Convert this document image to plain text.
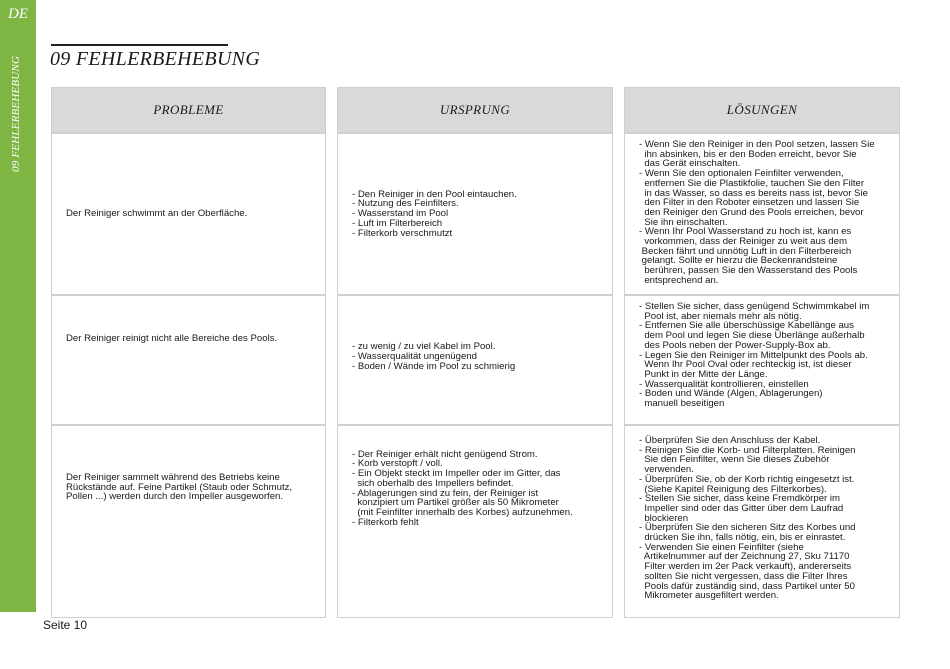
DE
09 FEHLERBEHEBUNG 09 FEHLERBEHEBUNG
PROBLEME	URSPRUNG	LÖSUNGEN
Der Reiniger schwimmt an der Oberfläche.
- Den Reiniger in den Pool eintauchen.
- Nutzung des Feinfilters.
- Wasserstand im Pool
- Luft im Filterbereich
- Filterkorb verschmutzt
- Wenn Sie den Reiniger in den Pool setzen, lassen Sie
ihn absinken, bis er den Boden erreicht, bevor Sie
das Gerät einschalten.
- Wenn Sie den optionalen Feinfilter verwenden,
entfernen Sie die Plastikfolie, tauchen Sie den Filter
in das Wasser, so dass es bereits nass ist, bevor Sie
den Filter in den Roboter einsetzen und lassen Sie
den Reiniger den Grund des Pools erreichen, bevor
Sie ihn einschalten.
- Wenn Ihr Pool Wasserstand zu hoch ist, kann es
vorkommen, dass der Reiniger zu weit aus dem
Becken fährt und unnötig Luft in den Filterbereich
gelangt. Sollte er hierzu die Beckenrandsteine
berühren, passen Sie den Wasserstand des Pools
entsprechend an.
Der Reiniger reinigt nicht alle Bereiche des Pools.
- zu wenig / zu viel Kabel im Pool.
- Wasserqualität ungenügend
- Boden / Wände im Pool zu schmierig
- Stellen Sie sicher, dass genügend Schwimmkabel im
Pool ist, aber niemals mehr als nötig.
- Entfernen Sie alle überschüssige Kabellänge aus
dem Pool und legen Sie diese Überlänge außerhalb
des Pools neben der Power-Supply-Box ab.
- Legen Sie den Reiniger im Mittelpunkt des Pools ab.
Wenn Ihr Pool Oval oder rechteckig ist, ist dieser
Punkt in der Mitte der Länge.
- Wasserqualität kontrollieren, einstellen
- Boden und Wände (Algen, Ablagerungen)
manuell beseitigen
Der Reiniger sammelt während des Betriebs keine
Rückstände auf. Feine Partikel (Staub oder Schmutz,
Pollen ...) werden durch den Impeller ausgeworfen.
- Der Reiniger erhält nicht genügend Strom.
- Korb verstopft / voll.
- Ein Objekt steckt im Impeller oder im Gitter, das
sich oberhalb des Impellers befindet.
- Ablagerungen sind zu fein, der Reiniger ist
konzipiert um Partikel größer als 50 Mikrometer
(mit Feinfilter innerhalb des Korbes) aufzunehmen.
- Filterkorb fehlt
- Überprüfen Sie den Anschluss der Kabel.
- Reinigen Sie die Korb- und Filterplatten. Reinigen
Sie den Feinfilter, wenn Sie dieses Zubehör
verwenden.
- Überprüfen Sie, ob der Korb richtig eingesetzt ist.
(Siehe Kapitel Reinigung des Filterkorbes).
- Stellen Sie sicher, dass keine Fremdkörper im
Impeller sind oder das Gitter über dem Laufrad
blockieren
- Überprüfen Sie den sicheren Sitz des Korbes und
drücken Sie ihn, falls nötig, ein, bis er einrastet.
- Verwenden Sie einen Feinfilter (siehe
Artikelnummer auf der Zeichnung 27, Sku 71170
Filter werden im 2er Pack verkauft), andererseits
sollten Sie nicht vergessen, dass die Filter Ihres
Pools dafür zuständig sind, dass Partikel unter 50
Mikrometer ausgefiltert werden.
Seite 10
